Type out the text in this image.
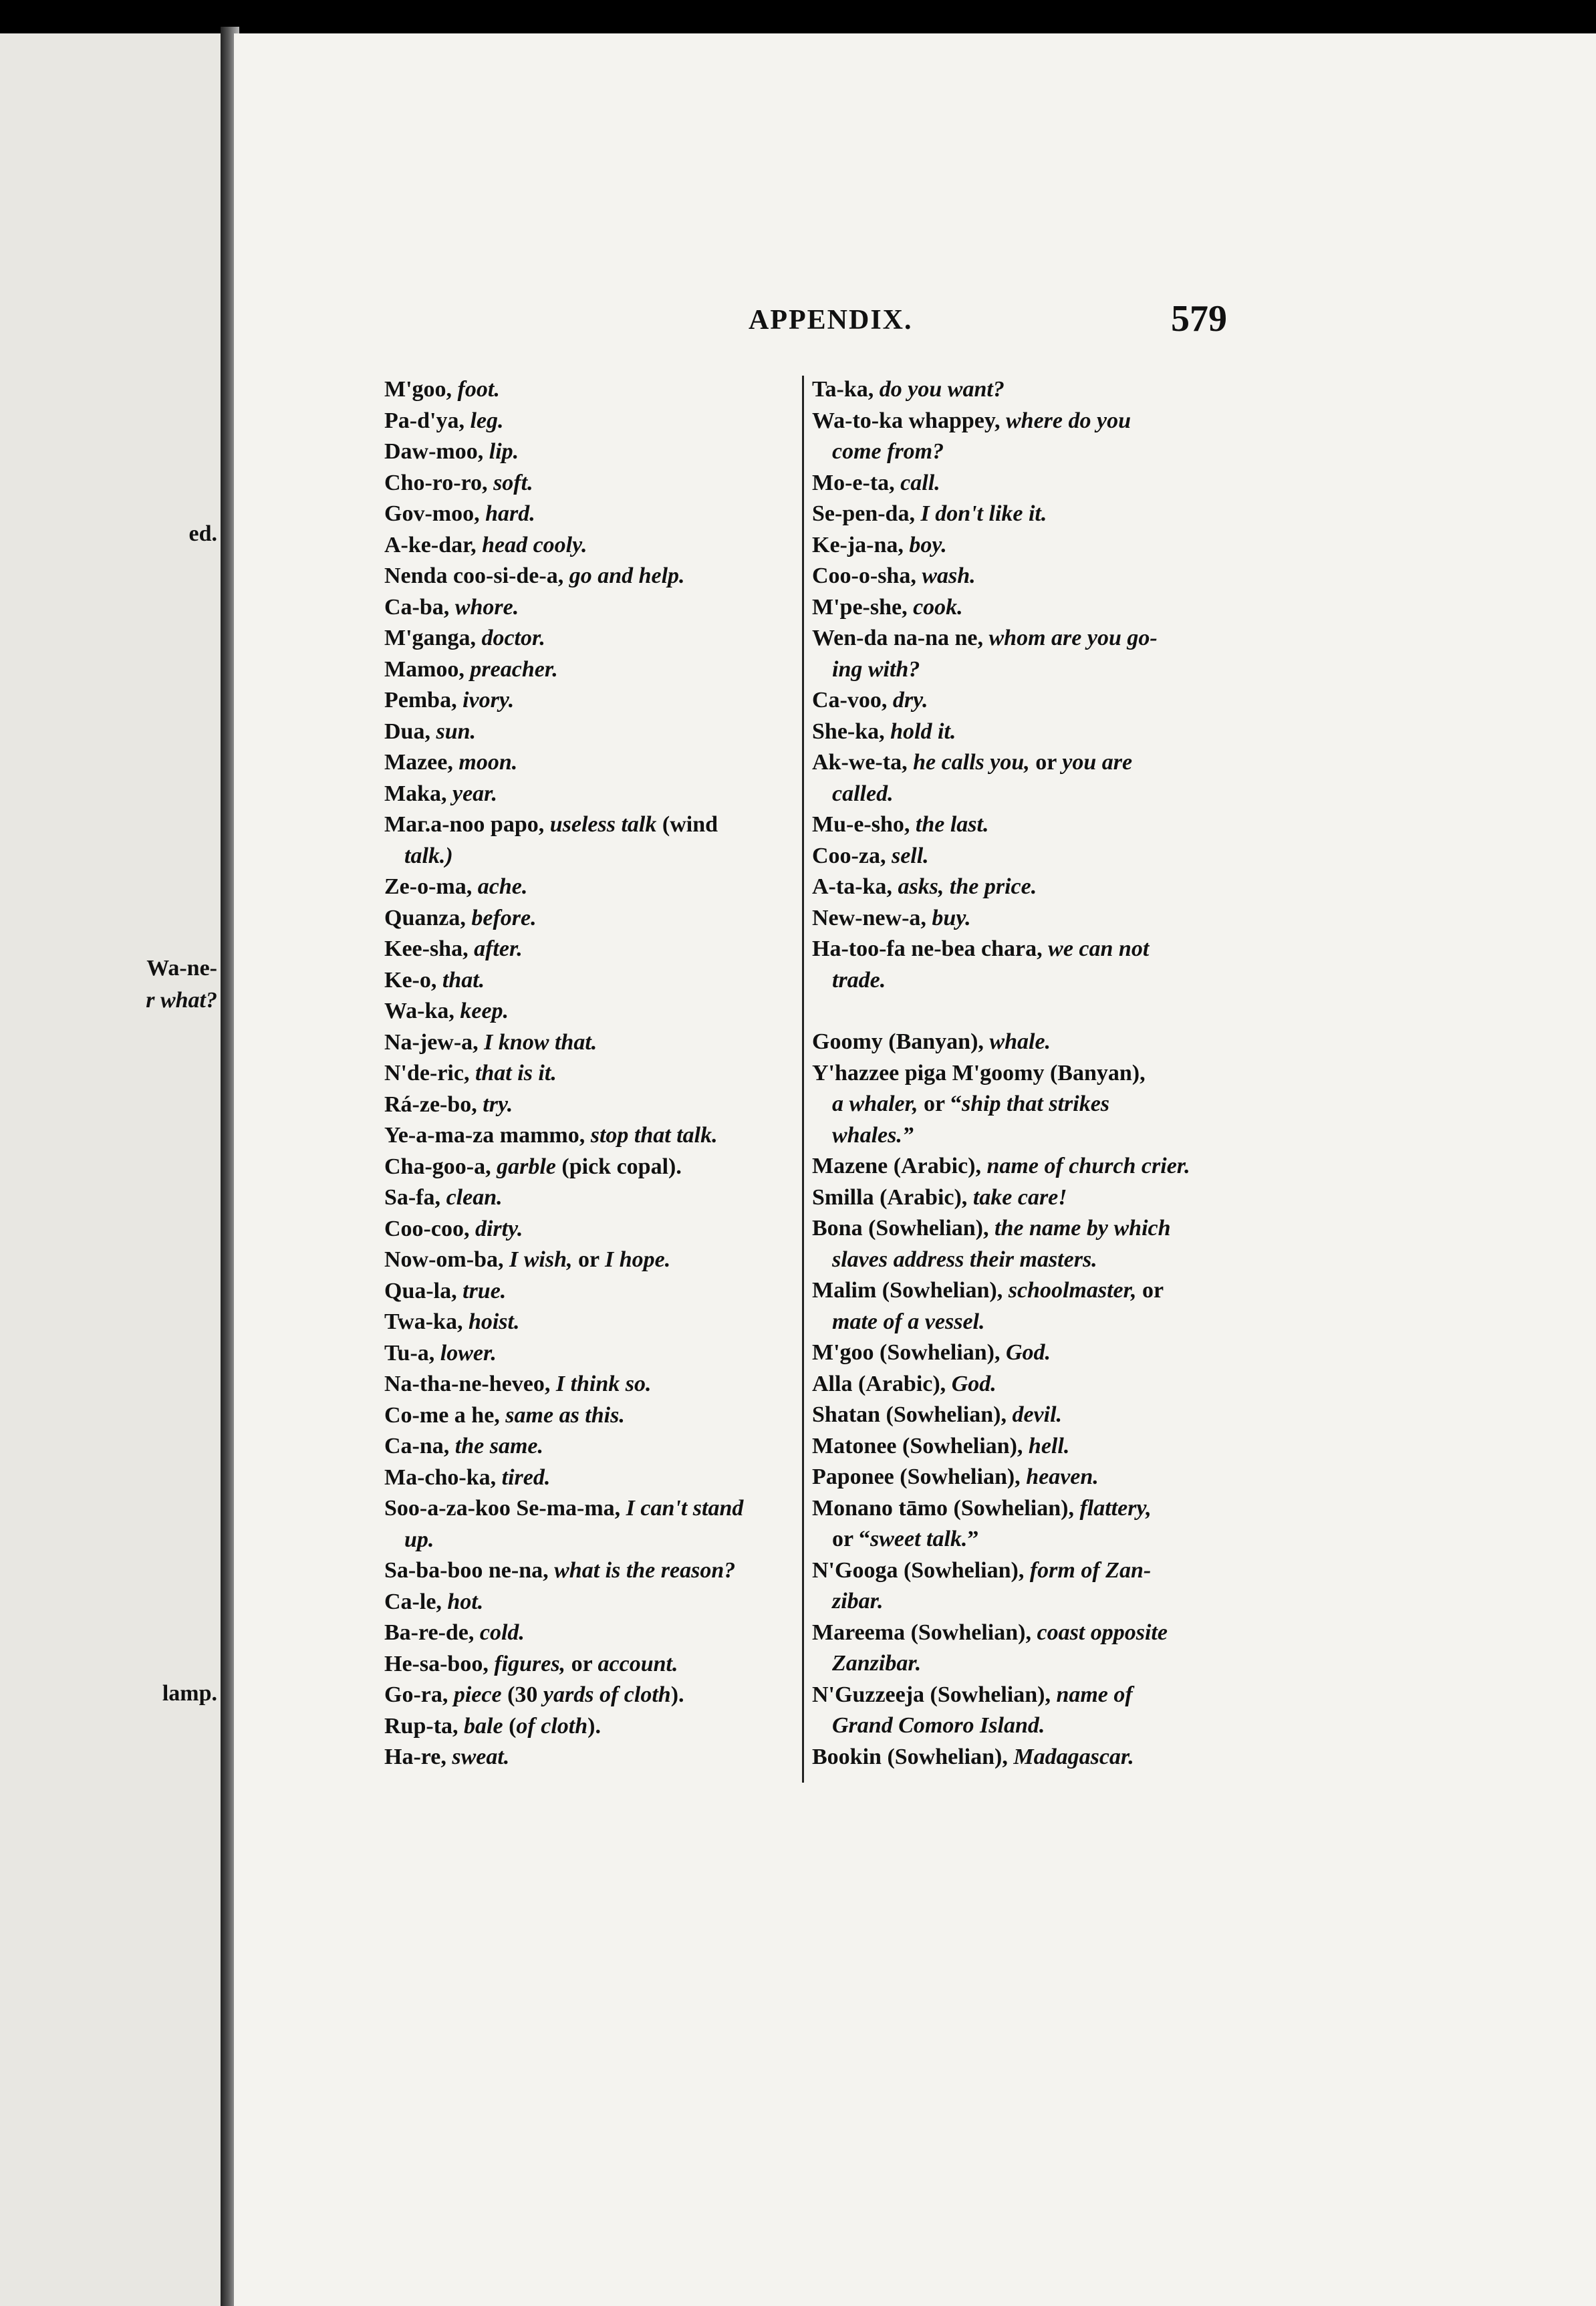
ed.
Wa-ne-
r what?
lamp.
APPENDIX.	579
M'goo, foot.
Pa-d'ya, leg.
Daw-moo, lip.
Cho-ro-ro, soft.
Gov-moo, hard.
A-ke-dar, head cooly.
Nenda coo-si-de-a, go and help.
Ca-ba, whore.
M'ganga, doctor.
Mamoo, preacher.
Pemba, ivory.
Dua, sun.
Mazee, moon.
Maka, year.
Maг.a-noo papo, useless talk (wind
talk.)
Ze-o-ma, ache.
Quanza, before.
Kee-sha, after.
Ke-o, that.
Wa-ka, keep.
Na-jew-a, I know that.
N'de-ric, that is it.
Rá-ze-bo, try.
Ye-a-ma-za mammo, stop that talk.
Cha-goo-a, garble (pick copal).
Sa-fa, clean.
Coo-coo, dirty.
Now-om-ba, I wish, or I hope.
Qua-la, true.
Twa-ka, hoist.
Tu-a, lower.
Na-tha-ne-heveo, I think so.
Co-me a he, same as this.
Ca-na, the same.
Ma-cho-ka, tired.
Soo-a-za-koo Se-ma-ma, I can't stand
up.
Sa-ba-boo ne-na, what is the reason?
Ca-le, hot.
Ba-re-de, cold.
He-sa-boo, figures, or account.
Go-ra, piece (30 yards of cloth).
Rup-ta, bale (of cloth).
Ha-re, sweat.
Ta-ka, do you want?
Wa-to-ka whappey, where do you
come from?
Mo-e-ta, call.
Se-pen-da, I don't like it.
Ke-ja-na, boy.
Coo-o-sha, wash.
M'pe-she, cook.
Wen-da na-na ne, whom are you go-
ing with?
Ca-voo, dry.
She-ka, hold it.
Ak-we-ta, he calls you, or you are
called.
Mu-e-sho, the last.
Coo-za, sell.
A-ta-ka, asks, the price.
New-new-a, buy.
Ha-too-fa ne-bea chara, we can not
trade.
Goomy (Banyan), whale.
Y'hazzee piga M'goomy (Banyan),
a whaler, or “ship that strikes
whales.”
Mazene (Arabic), name of church crier.
Smilla (Arabic), take care!
Bona (Sowhelian), the name by which
slaves address their masters.
Malim (Sowhelian), schoolmaster, or
mate of a vessel.
M'goo (Sowhelian), God.
Alla (Arabic), God.
Shatan (Sowhelian), devil.
Matonee (Sowhelian), hell.
Paponee (Sowhelian), heaven.
Monano tāmo (Sowhelian), flattery,
or “sweet talk.”
N'Googa (Sowhelian), form of Zan-
zibar.
Mareema (Sowhelian), coast opposite
Zanzibar.
N'Guzzeeja (Sowhelian), name of
Grand Comoro Island.
Bookin (Sowhelian), Madagascar.
